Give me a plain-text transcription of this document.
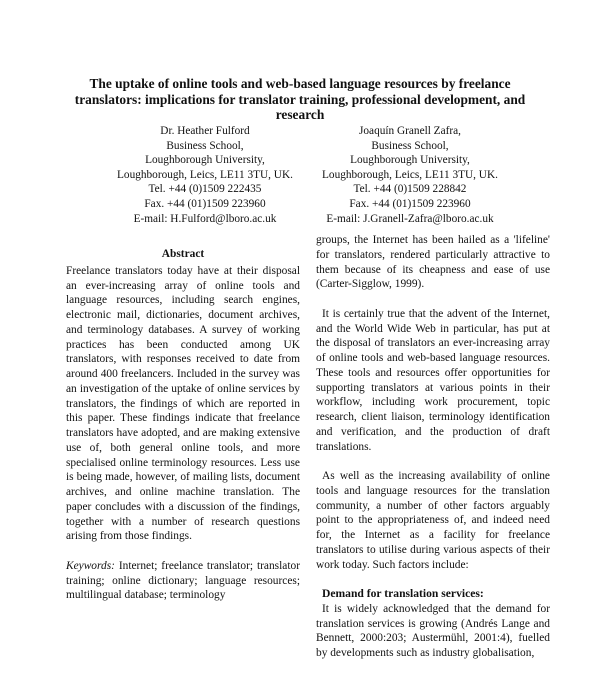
The uptake of online tools and web-based language resources by freelance translators: implications for translator training, professional development, and research
Dr. Heather Fulford
Business School,
Loughborough University,
Loughborough, Leics, LE11 3TU, UK.
Tel. +44 (0)1509 222435
Fax. +44 (01)1509 223960
E-mail: H.Fulford@lboro.ac.uk
Joaquín Granell Zafra,
Business School,
Loughborough University,
Loughborough, Leics, LE11 3TU, UK.
Tel. +44 (0)1509 228842
Fax. +44 (01)1509 223960
E-mail: J.Granell-Zafra@lboro.ac.uk
Abstract

Freelance translators today have at their disposal an ever-increasing array of online tools and language resources, including search engines, electronic mail, dictionaries, document archives, and terminology databases. A survey of working practices has been conducted among UK translators, with responses received to date from around 400 freelancers. Included in the survey was an investigation of the uptake of online services by translators, the findings of which are reported in this paper. These findings indicate that freelance translators have adopted, and are making extensive use of, both general online tools, and more specialised online terminology resources. Less use is being made, however, of mailing lists, document archives, and online machine translation. The paper concludes with a discussion of the findings, together with a number of research questions arising from those findings.

Keywords: Internet; freelance translator; translator training; online dictionary; language resources; multilingual database; terminology

groups, the Internet has been hailed as a 'lifeline' for translators, rendered particularly attractive to them because of its cheapness and ease of use (Carter-Sigglow, 1999).

It is certainly true that the advent of the Internet, and the World Wide Web in particular, has put at the disposal of translators an ever-increasing array of online tools and web-based language resources. These tools and resources offer opportunities for supporting translators at various points in their workflow, including work procurement, topic research, client liaison, terminology identification and verification, and the production of draft translations.

As well as the increasing availability of online tools and language resources for the translation community, a number of other factors arguably point to the appropriateness of, and indeed need for, the Internet as a facility for freelance translators to utilise during various aspects of their work today. Such factors include:

Demand for translation services:

It is widely acknowledged that the demand for translation services is growing (Andrés Lange and Bennett, 2000:203; Austermühl, 2001:4), fuelled by developments such as industry globalisation,
